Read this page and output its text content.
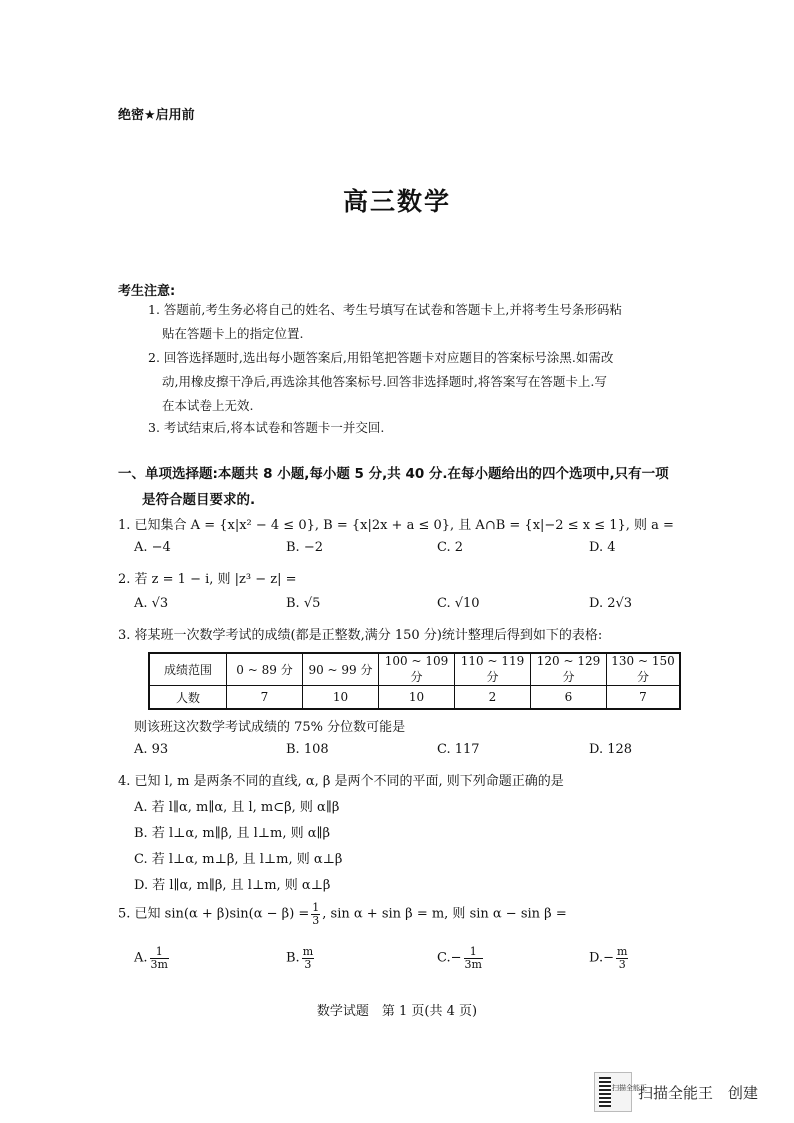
绝密★启用前
高三数学
考生注意:
1. 答题前,考生务必将自己的姓名、考生号填写在试卷和答题卡上,并将考生号条形码粘
贴在答题卡上的指定位置.
2. 回答选择题时,选出每小题答案后,用铅笔把答题卡对应题目的答案标号涂黑.如需改
动,用橡皮擦干净后,再选涂其他答案标号.回答非选择题时,将答案写在答题卡上.写
在本试卷上无效.
3. 考试结束后,将本试卷和答题卡一并交回.
一、单项选择题:本题共 8 小题,每小题 5 分,共 40 分.在每小题给出的四个选项中,只有一项
是符合题目要求的.
1. 已知集合 A = {x|x² − 4 ≤ 0}, B = {x|2x + a ≤ 0}, 且 A∩B = {x|−2 ≤ x ≤ 1}, 则 a =
A. −4	B. −2	C. 2	D. 4
2. 若 z = 1 − i, 则 |z³ − z| =
A. √3	B. √5	C. √10	D. 2√3
3. 将某班一次数学考试的成绩(都是正整数,满分 150 分)统计整理后得到如下的表格:
成绩范围	0 ~ 89 分	90 ~ 99 分	100 ~ 109 分	110 ~ 119 分	120 ~ 129 分	130 ~ 150 分
人数	7	10	10	2	6	7
则该班这次数学考试成绩的 75% 分位数可能是
A. 93	B. 108	C. 117	D. 128
4. 已知 l, m 是两条不同的直线, α, β 是两个不同的平面, 则下列命题正确的是
A. 若 l∥α, m∥α, 且 l, m⊂β, 则 α∥β
B. 若 l⊥α, m∥β, 且 l⊥m, 则 α∥β
C. 若 l⊥α, m⊥β, 且 l⊥m, 则 α⊥β
D. 若 l∥α, m∥β, 且 l⊥m, 则 α⊥β
5. 已知 $\sin(\alpha + \beta)\sin(\alpha - \beta) = \frac{1}{3}$ , sin α + sin β = m, 则 sin α − sin β =
A. $\frac{1}{3m}$	B. $\frac{m}{3}$	$C.- \frac{1}{3m}$	$D.- \frac{m}{3}$
数学试题　第 1 页(共 4 页)
扫描全能王
扫描全能王　创建
